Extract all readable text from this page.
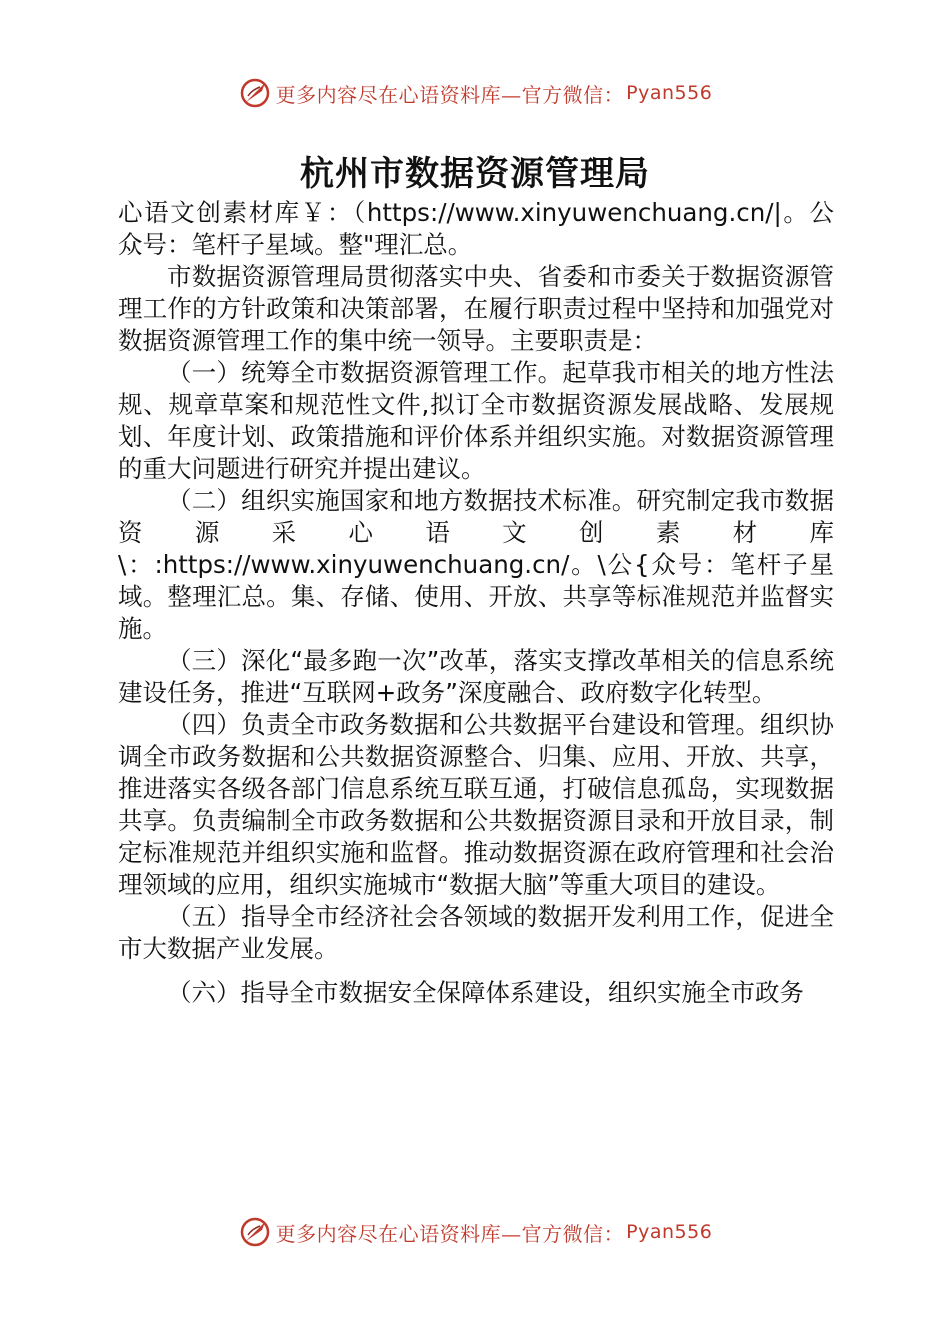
更多内容尽在心语资料库—官方微信： Pyan556
杭州市数据资源管理局

心语文创素材库￥：（https://www.xinyuwenchuang.cn/|。公众号：笔杆子星域。整"理汇总。

市数据资源管理局贯彻落实中央、省委和市委关于数据资源管理工作的方针政策和决策部署，在履行职责过程中坚持和加强党对数据资源管理工作的集中统一领导。主要职责是：

（一）统筹全市数据资源管理工作。起草我市相关的地方性法规、规章草案和规范性文件,拟订全市数据资源发展战略、发展规划、年度计划、政策措施和评价体系并组织实施。对数据资源管理的重大问题进行研究并提出建议。

（二）组织实施国家和地方数据技术标准。研究制定我市数据资源采心语文创素材库\：:https://www.xinyuwenchuang.cn/。\公{众号：笔杆子星域。整理汇总。集、存储、使用、开放、共享等标准规范并监督实施。

（三）深化“最多跑一次”改革，落实支撑改革相关的信息系统建设任务，推进“互联网+政务”深度融合、政府数字化转型。

（四）负责全市政务数据和公共数据平台建设和管理。组织协调全市政务数据和公共数据资源整合、归集、应用、开放、共享，推进落实各级各部门信息系统互联互通，打破信息孤岛，实现数据共享。负责编制全市政务数据和公共数据资源目录和开放目录，制定标准规范并组织实施和监督。推动数据资源在政府管理和社会治理领域的应用，组织实施城市“数据大脑”等重大项目的建设。

（五）指导全市经济社会各领域的数据开发利用工作，促进全市大数据产业发展。

（六）指导全市数据安全保障体系建设，组织实施全市政务

更多内容尽在心语资料库—官方微信： Pyan556
